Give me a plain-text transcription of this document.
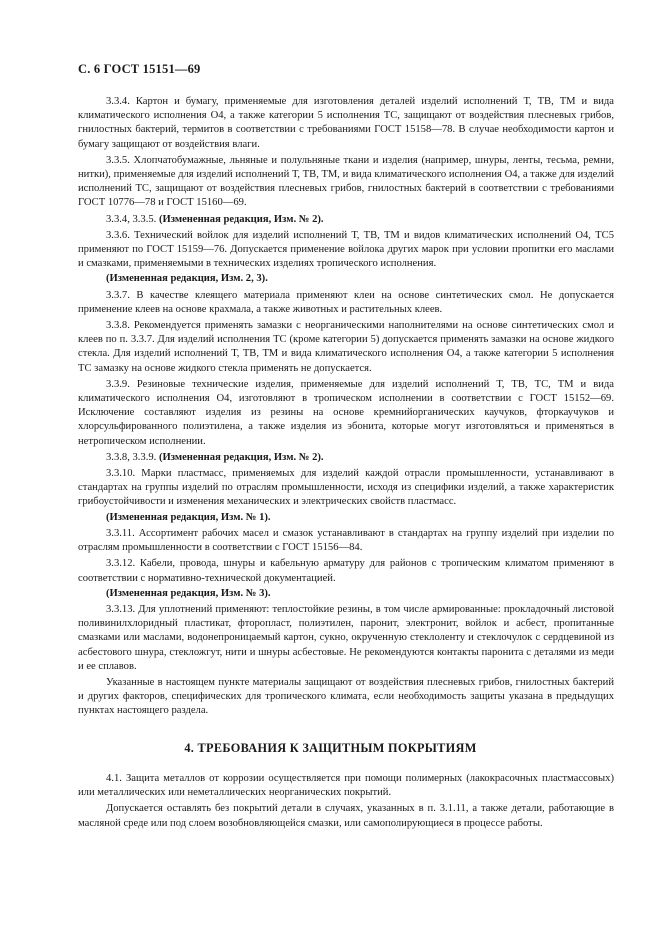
С. 6 ГОСТ 15151—69

3.3.4. Картон и бумагу, применяемые для изготовления деталей изделий исполнений Т, ТВ, ТМ и вида климатического исполнения О4, а также категории 5 исполнения ТС, защищают от воздействия плесневых грибов, гнилостных бактерий, термитов в соответствии с требованиями ГОСТ 15158—78. В случае необходимости картон и бумагу защищают от воздействия влаги.

3.3.5. Хлопчатобумажные, льняные и полульняные ткани и изделия (например, шнуры, ленты, тесьма, ремни, нитки), применяемые для изделий исполнений Т, ТВ, ТМ, и вида климатического исполнения О4, а также для изделий исполнений ТС, защищают от воздействия плесневых грибов, гнилостных бактерий в соответствии с требованиями ГОСТ 10776—78 и ГОСТ 15160—69.

3.3.4, 3.3.5. (Измененная редакция, Изм. № 2).

3.3.6. Технический войлок для изделий исполнений Т, ТВ, ТМ и видов климатических исполнений О4, ТС5 применяют по ГОСТ 15159—76. Допускается применение войлока других марок при условии пропитки его маслами и смазками, применяемыми в технических изделиях тропического исполнения.

(Измененная редакция, Изм. 2, 3).

3.3.7. В качестве клеящего материала применяют клеи на основе синтетических смол. Не допускается применение клеев на основе крахмала, а также животных и растительных клеев.

3.3.8. Рекомендуется применять замазки с неорганическими наполнителями на основе синтетических смол и клеев по п. 3.3.7. Для изделий исполнения ТС (кроме категории 5) допускается применять замазки на основе жидкого стекла. Для изделий исполнений Т, ТВ, ТМ и вида климатического исполнения О4, а также категории 5 исполнения ТС замазку на основе жидкого стекла применять не допускается.

3.3.9. Резиновые технические изделия, применяемые для изделий исполнений Т, ТВ, ТС, ТМ и вида климатического исполнения О4, изготовляют в тропическом исполнении в соответствии с ГОСТ 15152—69. Исключение составляют изделия из резины на основе кремнийорганических каучуков, фторкаучуков и хлорсульфированного полиэтилена, а также изделия из эбонита, которые могут изготовляться и применяться в нетропическом исполнении.

3.3.8, 3.3.9. (Измененная редакция, Изм. № 2).

3.3.10. Марки пластмасс, применяемых для изделий каждой отрасли промышленности, устанавливают в стандартах на группы изделий по отраслям промышленности, исходя из специфики изделий, а также характеристик грибоустойчивости и изменения механических и электрических свойств пластмасс.

(Измененная редакция, Изм. № 1).

3.3.11. Ассортимент рабочих масел и смазок устанавливают в стандартах на группу изделий при изделии по отраслям промышленности в соответствии с ГОСТ 15156—84.

3.3.12. Кабели, провода, шнуры и кабельную арматуру для районов с тропическим климатом применяют в соответствии с нормативно-технической документацией.

(Измененная редакция, Изм. № 3).

3.3.13. Для уплотнений применяют: теплостойкие резины, в том числе армированные: прокладочный листовой поливинилхлоридный пластикат, фторопласт, полиэтилен, паронит, электронит, войлок и асбест, пропитанные смазками или маслами, водонепроницаемый картон, сукно, окрученную стеклоленту и стеклочулок с сердцевиной из асбестового шнура, стекложгут, нити и шнуры асбестовые. Не рекомендуются контакты паронита с деталями из меди и ее сплавов.

Указанные в настоящем пункте материалы защищают от воздействия плесневых грибов, гнилостных бактерий и других факторов, специфических для тропического климата, если необходимость защиты указана в предыдущих пунктах настоящего раздела.

4. ТРЕБОВАНИЯ К ЗАЩИТНЫМ ПОКРЫТИЯМ

4.1. Защита металлов от коррозии осуществляется при помощи полимерных (лакокрасочных пластмассовых) или металлических или неметаллических неорганических покрытий.

Допускается оставлять без покрытий детали в случаях, указанных в п. 3.1.11, а также детали, работающие в масляной среде или под слоем возобновляющейся смазки, или самополирующиеся в процессе работы.
